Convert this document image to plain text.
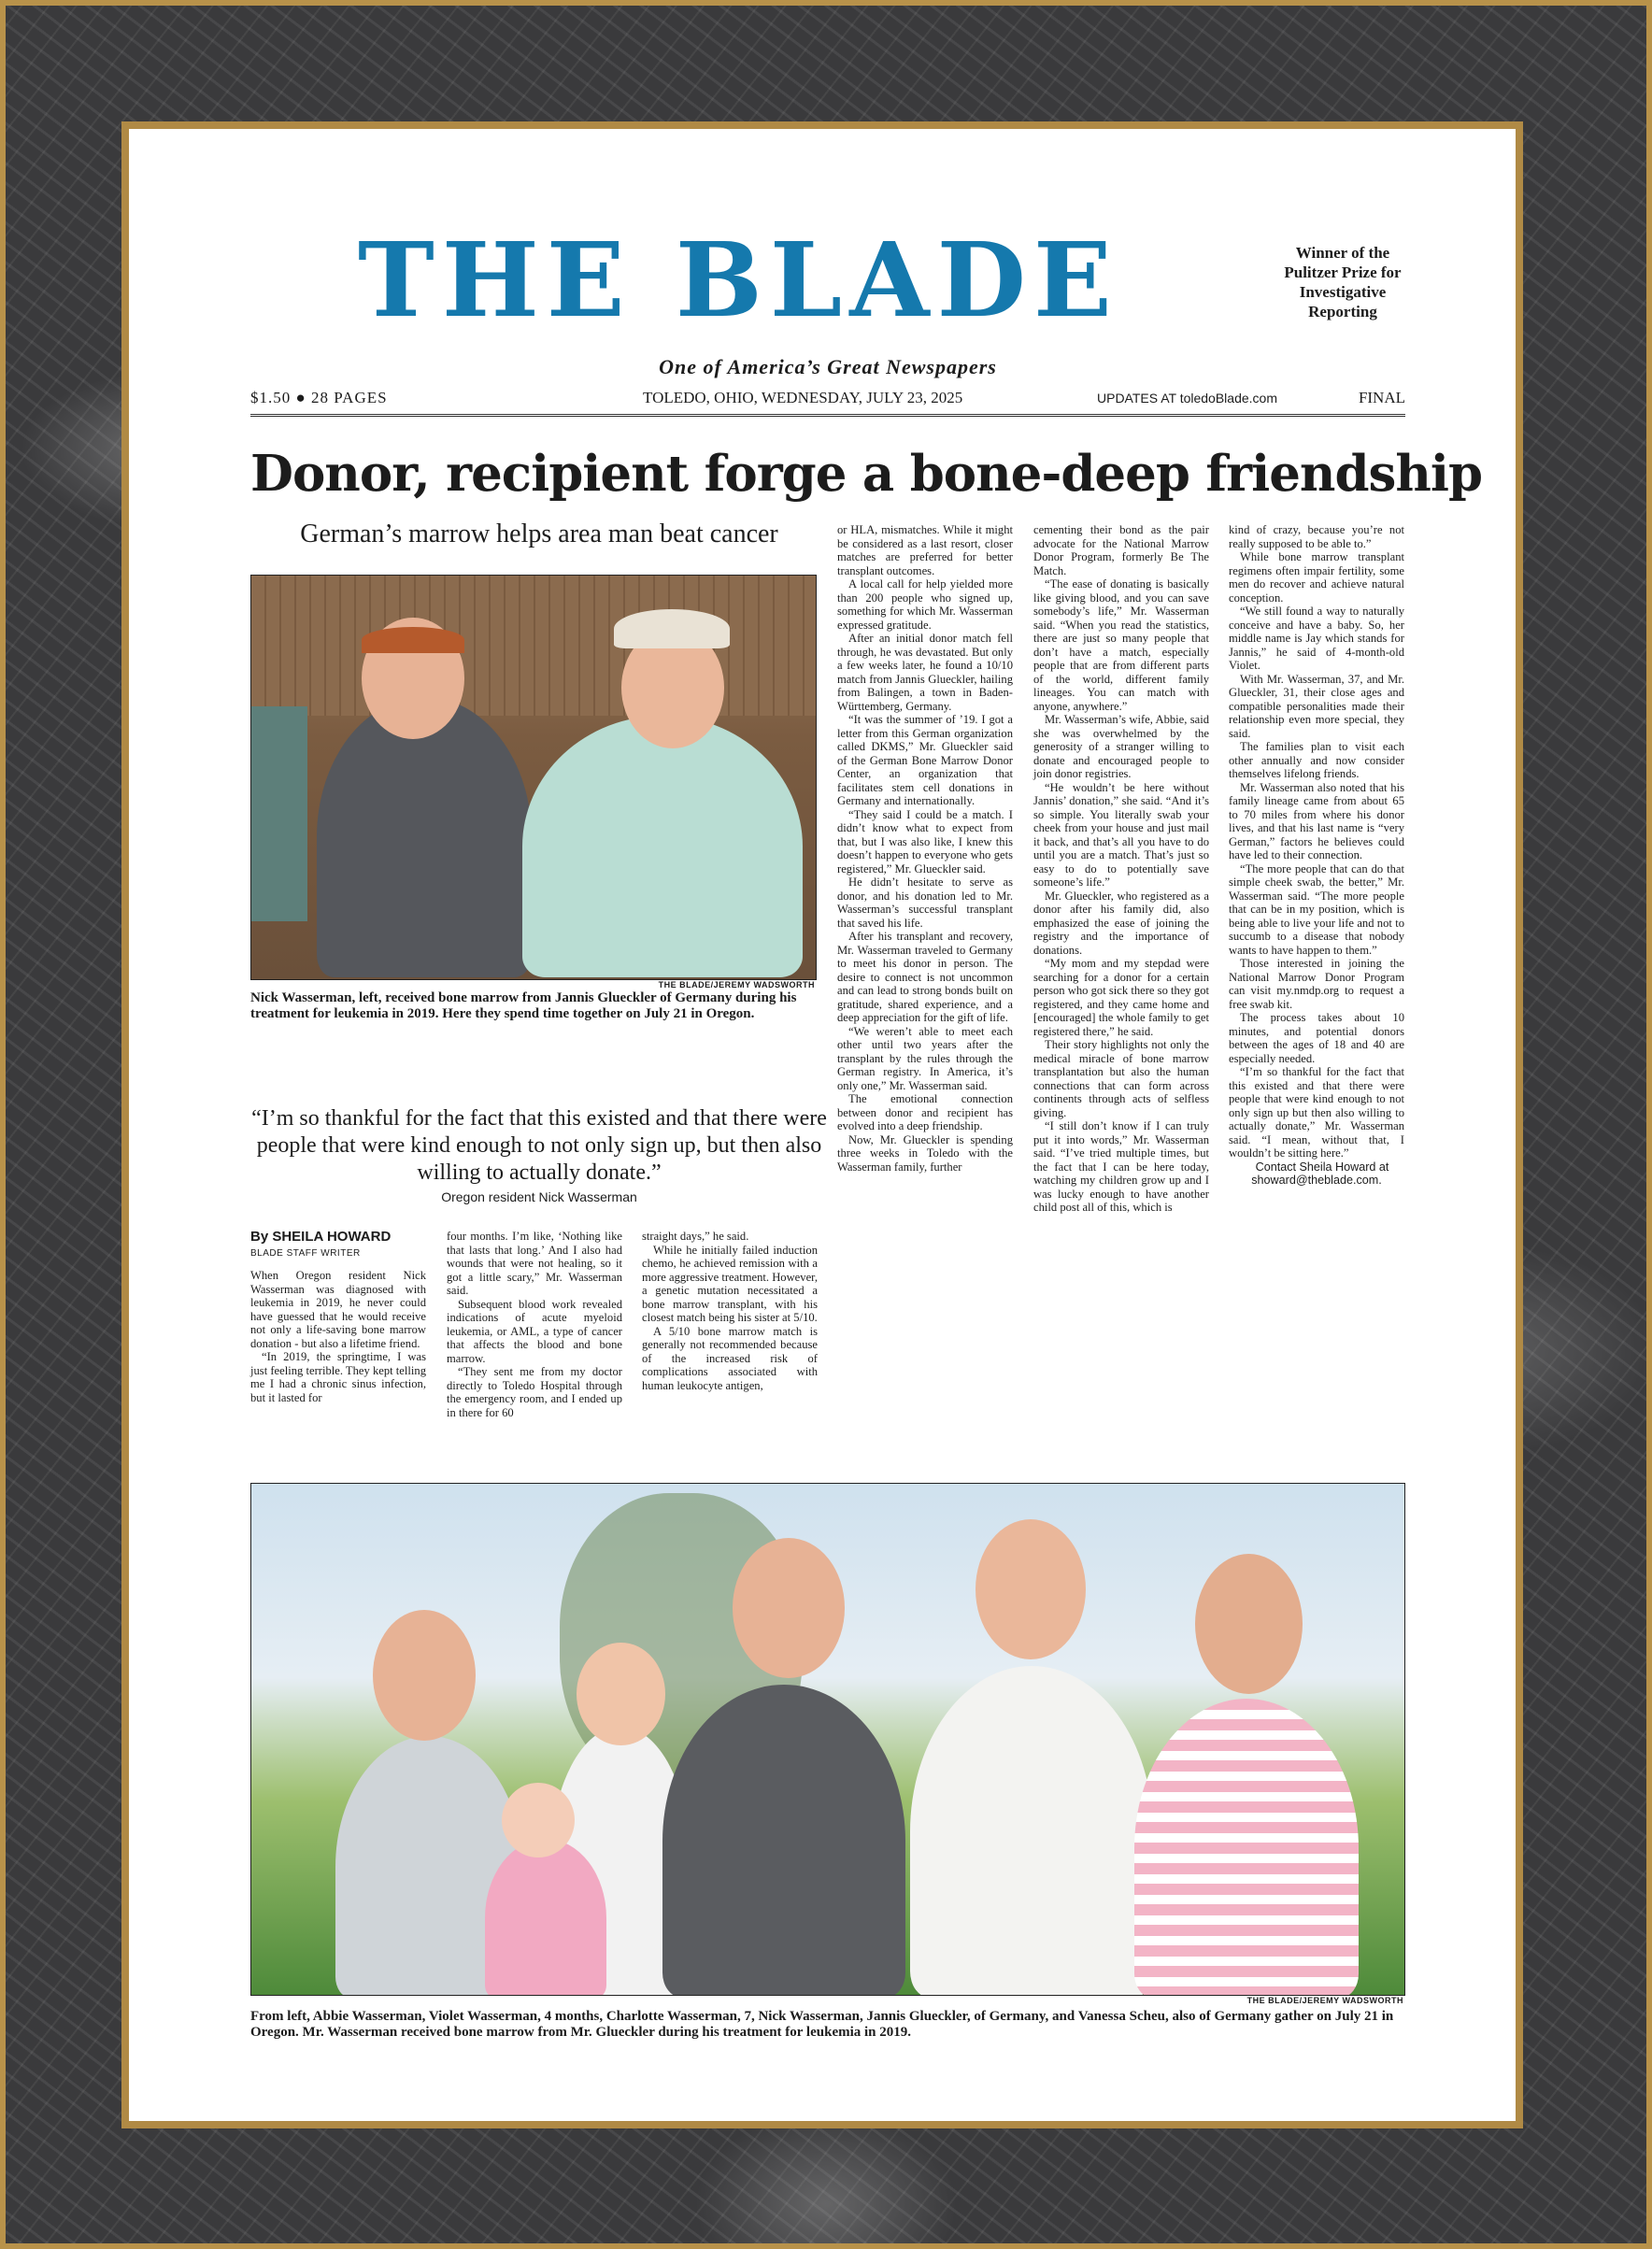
THE BLADE	Winner of the Pulitzer Prize for Investigative Reporting
One of America’s Great Newspapers
$1.50 ● 28 PAGES	TOLEDO, OHIO, WEDNESDAY, JULY 23, 2025	UPDATES AT toledoBlade.com	FINAL
Donor, recipient forge a bone-deep friendship
German’s marrow helps area man beat cancer
THE BLADE/JEREMY WADSWORTH
Nick Wasserman, left, received bone marrow from Jannis Glueckler of Germany during his treatment for leukemia in 2019. Here they spend time together on July 21 in Oregon.
“I’m so thankful for the fact that this existed and that there were people that were kind enough to not only sign up, but then also willing to actually donate.”
Oregon resident Nick Wasserman
By SHEILA HOWARD
BLADE STAFF WRITER

When Oregon resident Nick Wasserman was diagnosed with leukemia in 2019, he never could have guessed that he would receive not only a life-saving bone marrow donation - but also a lifetime friend.

“In 2019, the springtime, I was just feeling terrible. They kept telling me I had a chronic sinus infection, but it lasted for

four months. I’m like, ‘Nothing like that lasts that long.’ And I also had wounds that were not healing, so it got a little scary,” Mr. Wasserman said.

Subsequent blood work revealed indications of acute myeloid leukemia, or AML, a type of cancer that affects the blood and bone marrow.

“They sent me from my doctor directly to Toledo Hospital through the emergency room, and I ended up in there for 60

straight days,” he said.

While he initially failed induction chemo, he achieved remission with a more aggressive treatment. However, a genetic mutation necessitated a bone marrow transplant, with his closest match being his sister at 5/10.

A 5/10 bone marrow match is generally not recommended because of the increased risk of complications associated with human leukocyte antigen,

or HLA, mismatches. While it might be considered as a last resort, closer matches are preferred for better transplant outcomes.

A local call for help yielded more than 200 people who signed up, something for which Mr. Wasserman expressed gratitude.

After an initial donor match fell through, he was devastated. But only a few weeks later, he found a 10/10 match from Jannis Glueckler, hailing from Balingen, a town in Baden-Württemberg, Germany.

“It was the summer of ’19. I got a letter from this German organization called DKMS,” Mr. Glueckler said of the German Bone Marrow Donor Center, an organization that facilitates stem cell donations in Germany and internationally.

“They said I could be a match. I didn’t know what to expect from that, but I was also like, I knew this doesn’t happen to everyone who gets registered,” Mr. Glueckler said.

He didn’t hesitate to serve as donor, and his donation led to Mr. Wasserman’s successful transplant that saved his life.

After his transplant and recovery, Mr. Wasserman traveled to Germany to meet his donor in person. The desire to connect is not uncommon and can lead to strong bonds built on gratitude, shared experience, and a deep appreciation for the gift of life.

“We weren’t able to meet each other until two years after the transplant by the rules through the German registry. In America, it’s only one,” Mr. Wasserman said.

The emotional connection between donor and recipient has evolved into a deep friendship.

Now, Mr. Glueckler is spending three weeks in Toledo with the Wasserman family, further

cementing their bond as the pair advocate for the National Marrow Donor Program, formerly Be The Match.

“The ease of donating is basically like giving blood, and you can save somebody’s life,” Mr. Wasserman said. “When you read the statistics, there are just so many people that don’t have a match, especially people that are from different parts of the world, different family lineages. You can match with anyone, anywhere.”

Mr. Wasserman’s wife, Abbie, said she was overwhelmed by the generosity of a stranger willing to donate and encouraged people to join donor registries.

“He wouldn’t be here without Jannis’ donation,” she said. “And it’s so simple. You literally swab your cheek from your house and just mail it back, and that’s all you have to do until you are a match. That’s just so easy to do to potentially save someone’s life.”

Mr. Glueckler, who registered as a donor after his family did, also emphasized the ease of joining the registry and the importance of donations.

“My mom and my stepdad were searching for a donor for a certain person who got sick there so they got registered, and they came home and [encouraged] the whole family to get registered there,” he said.

Their story highlights not only the medical miracle of bone marrow transplantation but also the human connections that can form across continents through acts of selfless giving.

“I still don’t know if I can truly put it into words,” Mr. Wasserman said. “I’ve tried multiple times, but the fact that I can be here today, watching my children grow up and I was lucky enough to have another child post all of this, which is

kind of crazy, because you’re not really supposed to be able to.”

While bone marrow transplant regimens often impair fertility, some men do recover and achieve natural conception.

“We still found a way to naturally conceive and have a baby. So, her middle name is Jay which stands for Jannis,” he said of 4-month-old Violet.

With Mr. Wasserman, 37, and Mr. Glueckler, 31, their close ages and compatible personalities made their relationship even more special, they said.

The families plan to visit each other annually and now consider themselves lifelong friends.

Mr. Wasserman also noted that his family lineage came from about 65 to 70 miles from where his donor lives, and that his last name is “very German,” factors he believes could have led to their connection.

“The more people that can do that simple cheek swab, the better,” Mr. Wasserman said. “The more people that can be in my position, which is being able to live your life and not to succumb to a disease that nobody wants to have happen to them.”

Those interested in joining the National Marrow Donor Program can visit my.nmdp.org to request a free swab kit.

The process takes about 10 minutes, and potential donors between the ages of 18 and 40 are especially needed.

“I’m so thankful for the fact that this existed and that there were people that were kind enough to not only sign up but then also willing to actually donate,” Mr. Wasserman said. “I mean, without that, I wouldn’t be sitting here.”

Contact Sheila Howard at showard@theblade.com.

THE BLADE/JEREMY WADSWORTH
From left, Abbie Wasserman, Violet Wasserman, 4 months, Charlotte Wasserman, 7, Nick Wasserman, Jannis Glueckler, of Germany, and Vanessa Scheu, also of Germany gather on July 21 in Oregon. Mr. Wasserman received bone marrow from Mr. Glueckler during his treatment for leukemia in 2019.
